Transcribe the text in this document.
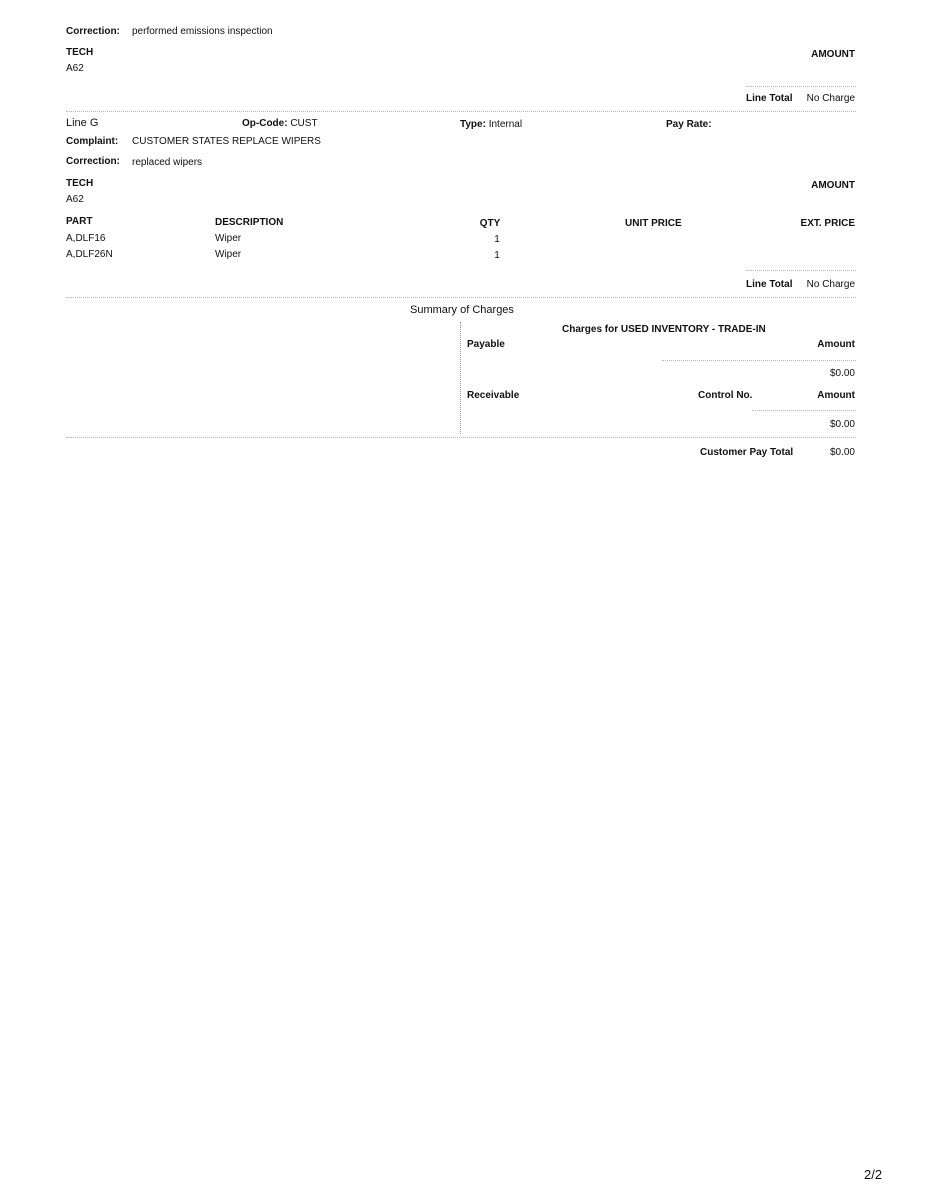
Correction: performed emissions inspection
TECH	AMOUNT
A62
Line Total No Charge
Line G	Op-Code: CUST	Type: Internal	Pay Rate:
Complaint: CUSTOMER STATES REPLACE WIPERS
Correction: replaced wipers
TECH	AMOUNT
A62
PART	DESCRIPTION	QTY	UNIT PRICE	EXT. PRICE
A,DLF16	Wiper	1
A,DLF26N	Wiper	1
Line Total No Charge
Summary of Charges
Charges for USED INVENTORY - TRADE-IN
Payable	Amount
$0.00
Receivable	Control No.	Amount
$0.00
Customer Pay Total	$0.00
2/2
